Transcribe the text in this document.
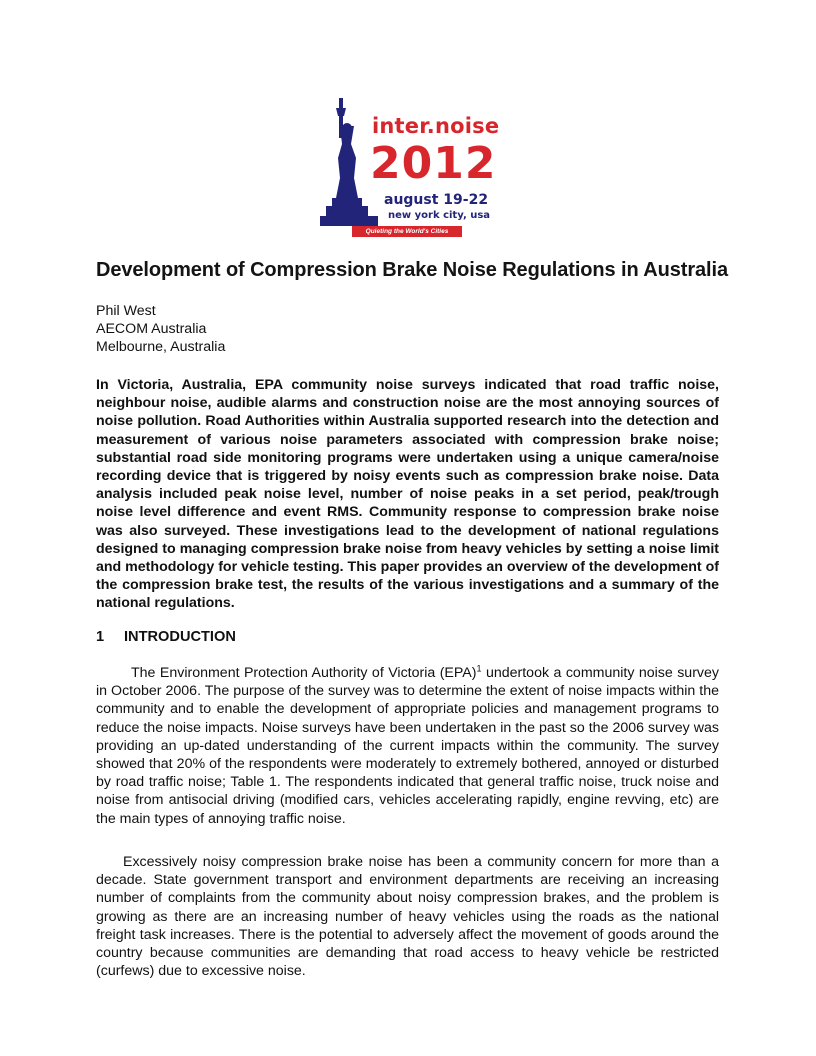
inter.noise
2012
august 19-22
new york city, usa
Quieting the World's Cities
Development of Compression Brake Noise Regulations in Australia
Phil West
AECOM Australia
Melbourne, Australia

In Victoria, Australia, EPA community noise surveys indicated that road traffic noise, neighbour noise, audible alarms and construction noise are the most annoying sources of noise pollution. Road Authorities within Australia supported research into the detection and measurement of various noise parameters associated with compression brake noise; substantial road side monitoring programs were undertaken using a unique camera/noise recording device that is triggered by noisy events such as compression brake noise. Data analysis included peak noise level, number of noise peaks in a set period, peak/trough noise level difference and event RMS. Community response to compression brake noise was also surveyed. These investigations lead to the development of national regulations designed to managing compression brake noise from heavy vehicles by setting a noise limit and methodology for vehicle testing. This paper provides an overview of the development of the compression brake test, the results of the various investigations and a summary of the national regulations.

1 INTRODUCTION

The Environment Protection Authority of Victoria (EPA)$^1$ undertook a community noise survey in October 2006. The purpose of the survey was to determine the extent of noise impacts within the community and to enable the development of appropriate policies and management programs to reduce the noise impacts. Noise surveys have been undertaken in the past so the 2006 survey was providing an up-dated understanding of the current impacts within the community. The survey showed that 20% of the respondents were moderately to extremely bothered, annoyed or disturbed by road traffic noise; Table 1. The respondents indicated that general traffic noise, truck noise and noise from antisocial driving (modified cars, vehicles accelerating rapidly, engine revving, etc) are the main types of annoying traffic noise.

Excessively noisy compression brake noise has been a community concern for more than a decade. State government transport and environment departments are receiving an increasing number of complaints from the community about noisy compression brakes, and the problem is growing as there are an increasing number of heavy vehicles using the roads as the national freight task increases. There is the potential to adversely affect the movement of goods around the country because communities are demanding that road access to heavy vehicle be restricted (curfews) due to excessive noise.
